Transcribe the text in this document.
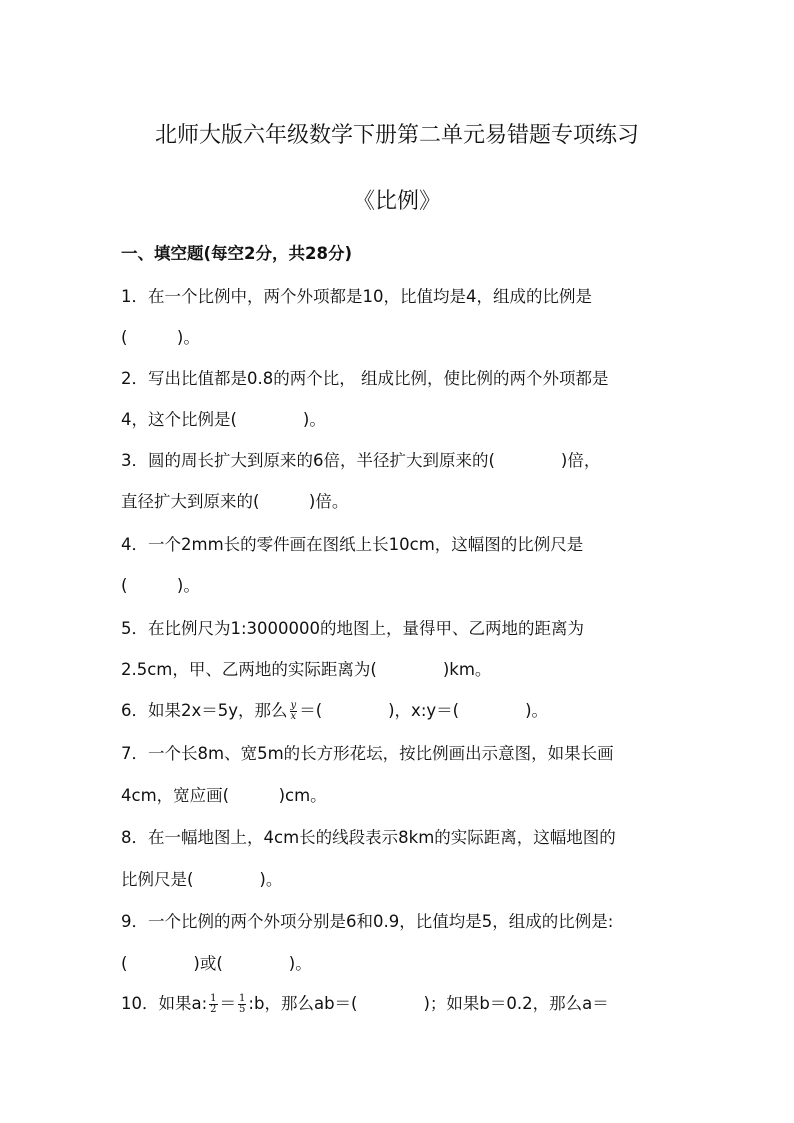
北师大版六年级数学下册第二单元易错题专项练习
《比例》
一、填空题(每空2分，共28分)
1．在一个比例中，两个外项都是10，比值均是4，组成的比例是
(　　　)。
2．写出比值都是0.8的两个比， 组成比例，使比例的两个外项都是
4，这个比例是(　　　　)。
3．圆的周长扩大到原来的6倍，半径扩大到原来的(　　　　)倍，
直径扩大到原来的(　　　)倍。
4．一个2mm长的零件画在图纸上长10cm，这幅图的比例尺是
(　　　)。
5．在比例尺为1:3000000的地图上，量得甲、乙两地的距离为
2.5cm，甲、乙两地的实际距离为(　　　　)km。
6．如果2x＝5y，那么 $\frac{y}{x}$ ＝(　　　　)，x:y＝(　　　　)。
7．一个长8m、宽5m的长方形花坛，按比例画出示意图，如果长画
4cm，宽应画(　　　)cm。
8．在一幅地图上，4cm长的线段表示8km的实际距离，这幅地图的
比例尺是(　　　　)。
9．一个比例的两个外项分别是6和0.9，比值均是5，组成的比例是:
(　　　　)或(　　　　)。
10．如果a: $\frac{1}{2} = \frac{1}{5}$ :b，那么ab＝(　　　　)；如果b＝0.2，那么a＝
